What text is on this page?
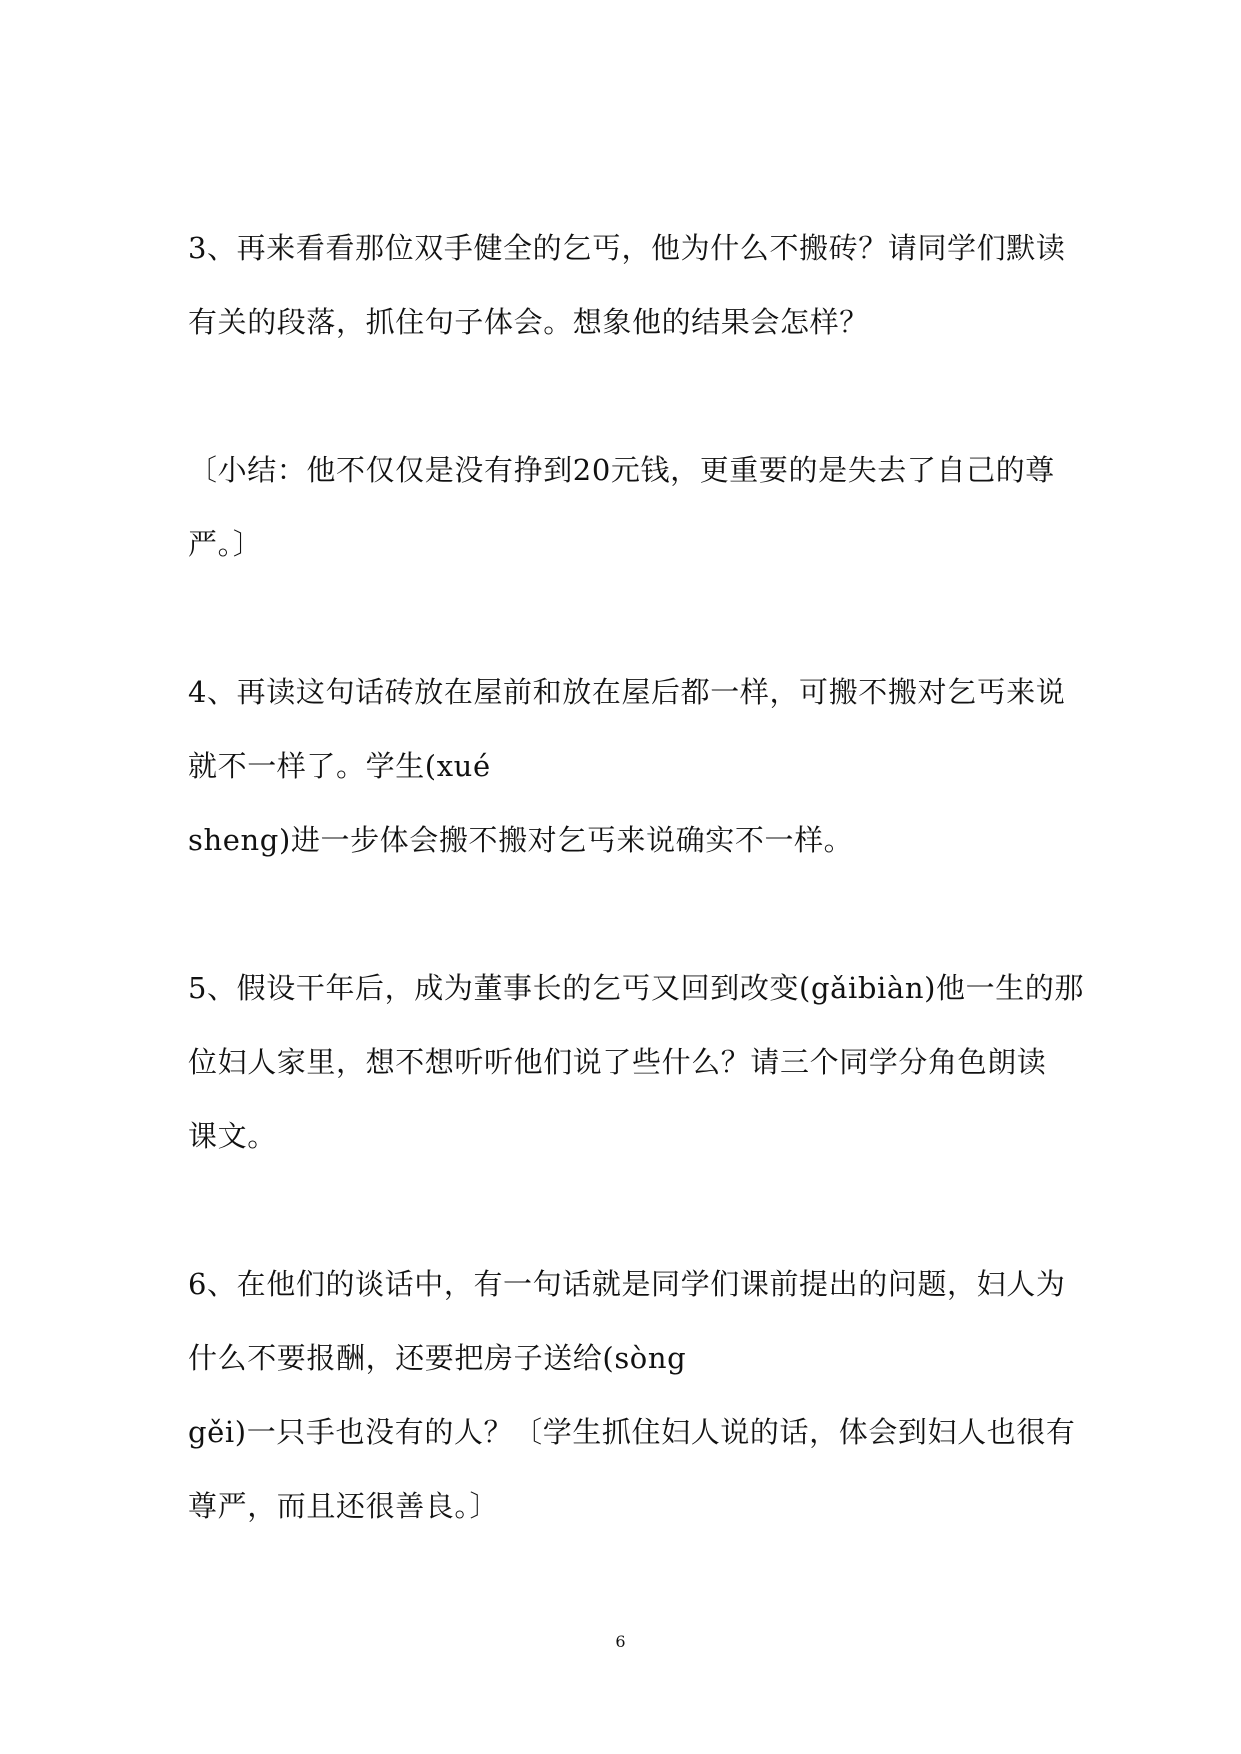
3、再来看看那位双手健全的乞丐，他为什么不搬砖？请同学们默读
有关的段落，抓住句子体会。想象他的结果会怎样？
〔小结：他不仅仅是没有挣到20元钱，更重要的是失去了自己的尊
严。〕
4、再读这句话砖放在屋前和放在屋后都一样，可搬不搬对乞丐来说
就不一样了。学生(xué
sheng)进一步体会搬不搬对乞丐来说确实不一样。
5、假设干年后，成为董事长的乞丐又回到改变(gǎibiàn)他一生的那
位妇人家里，想不想听听他们说了些什么？请三个同学分角色朗读
课文。
6、在他们的谈话中，有一句话就是同学们课前提出的问题，妇人为
什么不要报酬，还要把房子送给(sòng
gěi)一只手也没有的人？〔学生抓住妇人说的话，体会到妇人也很有
尊严，而且还很善良。〕
6
